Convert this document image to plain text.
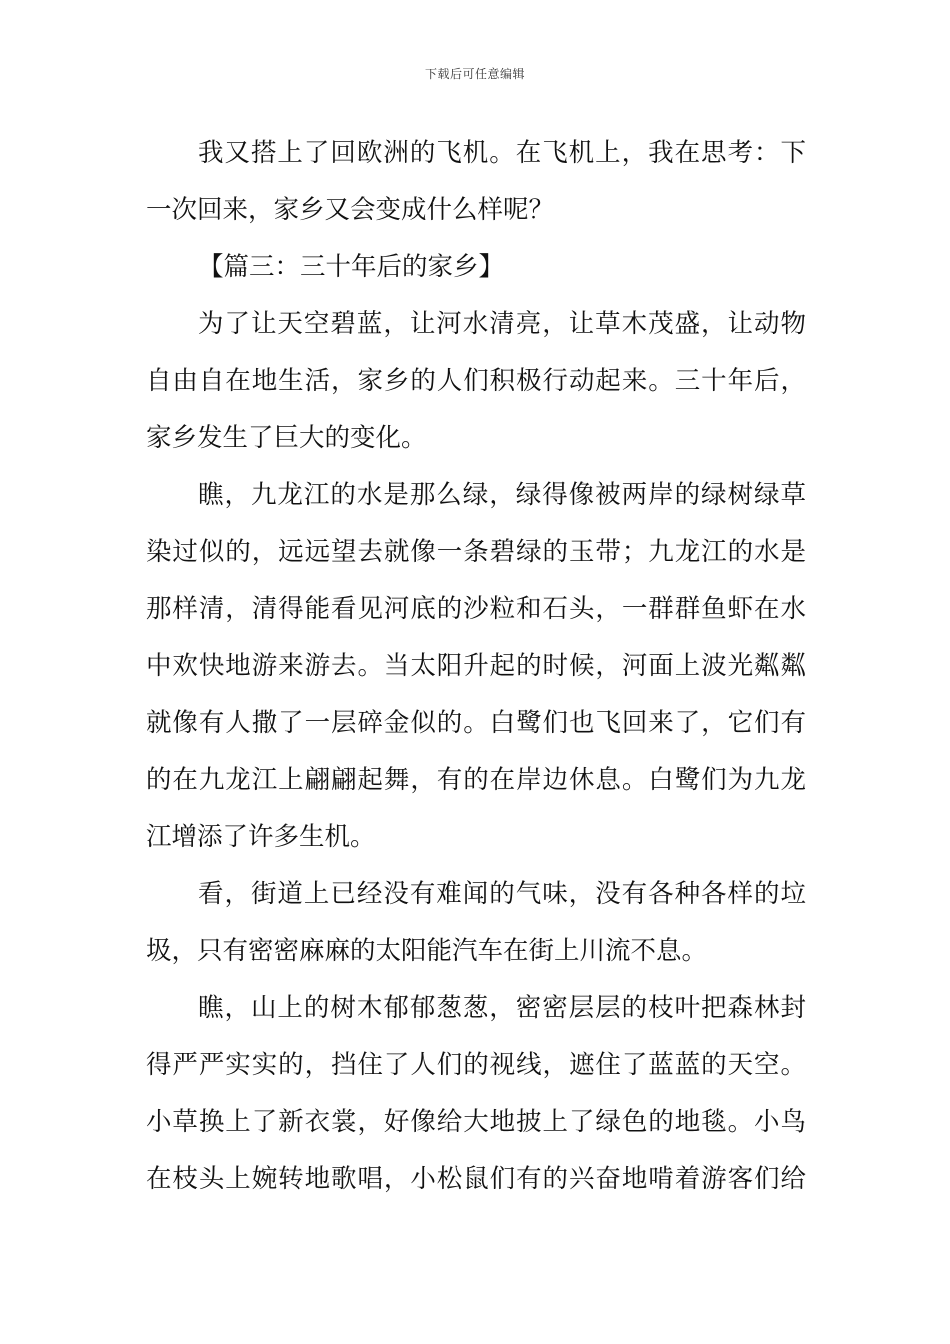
下载后可任意编辑
我又搭上了回欧洲的飞机。在飞机上，我在思考：下
一次回来，家乡又会变成什么样呢？
【篇三：三十年后的家乡】
为了让天空碧蓝，让河水清亮，让草木茂盛，让动物
自由自在地生活，家乡的人们积极行动起来。三十年后，
家乡发生了巨大的变化。
瞧，九龙江的水是那么绿，绿得像被两岸的绿树绿草
染过似的，远远望去就像一条碧绿的玉带；九龙江的水是
那样清，清得能看见河底的沙粒和石头，一群群鱼虾在水
中欢快地游来游去。当太阳升起的时候，河面上波光粼粼
就像有人撒了一层碎金似的。白鹭们也飞回来了，它们有
的在九龙江上翩翩起舞，有的在岸边休息。白鹭们为九龙
江增添了许多生机。
看，街道上已经没有难闻的气味，没有各种各样的垃
圾，只有密密麻麻的太阳能汽车在街上川流不息。
瞧，山上的树木郁郁葱葱，密密层层的枝叶把森林封
得严严实实的，挡住了人们的视线，遮住了蓝蓝的天空。
小草换上了新衣裳，好像给大地披上了绿色的地毯。小鸟
在枝头上婉转地歌唱，小松鼠们有的兴奋地啃着游客们给
